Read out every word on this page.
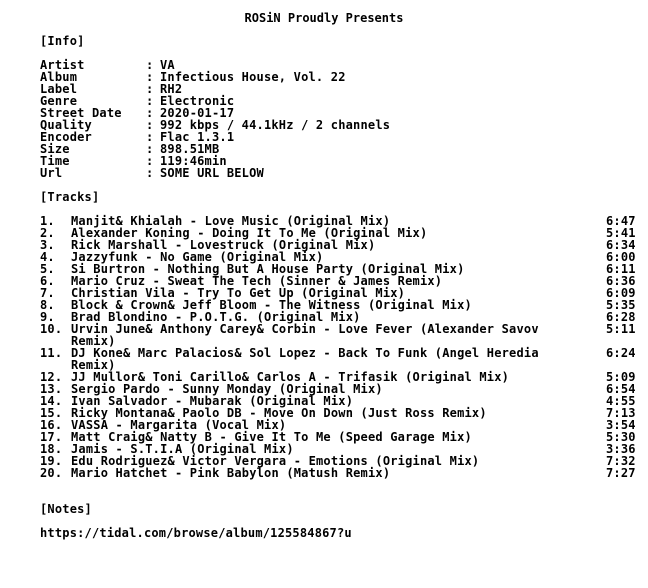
ROSiN Proudly Presents
[Info]
Artist	: VA
Album	: Infectious House, Vol. 22
Label	: RH2
Genre	: Electronic
Street Date : 2020-01-17
Quality	: 992 kbps / 44.1kHz / 2 channels
Encoder	: Flac 1.3.1
Size	: 898.51MB
Time	: 119:46min
Url	: SOME URL BELOW
[Tracks]
1.	Manjit& Khialah - Love Music (Original Mix)	6:47
2.	Alexander Koning - Doing It To Me (Original Mix)	5:41
3.	Rick Marshall - Lovestruck (Original Mix)	6:34
4.	Jazzyfunk - No Game (Original Mix)	6:00
5.	Si Burtron - Nothing But A House Party (Original Mix)	6:11
6.	Mario Cruz - Sweat The Tech (Sinner & James Remix)	6:36
7.	Christian Vila - Try To Get Up (Original Mix)	6:09
8.	Block & Crown& Jeff Bloom - The Witness (Original Mix)	5:35
9.	Brad Blondino - P.O.T.G. (Original Mix)	6:28
10. Urvin June& Anthony Carey& Corbin - Love Fever (Alexander Savov	5:11
Remix)
11. DJ Kone& Marc Palacios& Sol Lopez - Back To Funk (Angel Heredia	6:24
Remix)
12. JJ Mullor& Toni Carillo& Carlos A - Trifasik (Original Mix)	5:09
13. Sergio Pardo - Sunny Monday (Original Mix)	6:54
14. Ivan Salvador - Mubarak (Original Mix)	4:55
15. Ricky Montana& Paolo DB - Move On Down (Just Ross Remix)	7:13
16. VASSA - Margarita (Vocal Mix)	3:54
17. Matt Craig& Natty B - Give It To Me (Speed Garage Mix)	5:30
18. Jamis - S.T.I.A (Original Mix)	3:36
19. Edu Rodriguez& Victor Vergara - Emotions (Original Mix)	7:32
20. Mario Hatchet - Pink Babylon (Matush Remix)	7:27
[Notes]
https://tidal.com/browse/album/125584867?u
